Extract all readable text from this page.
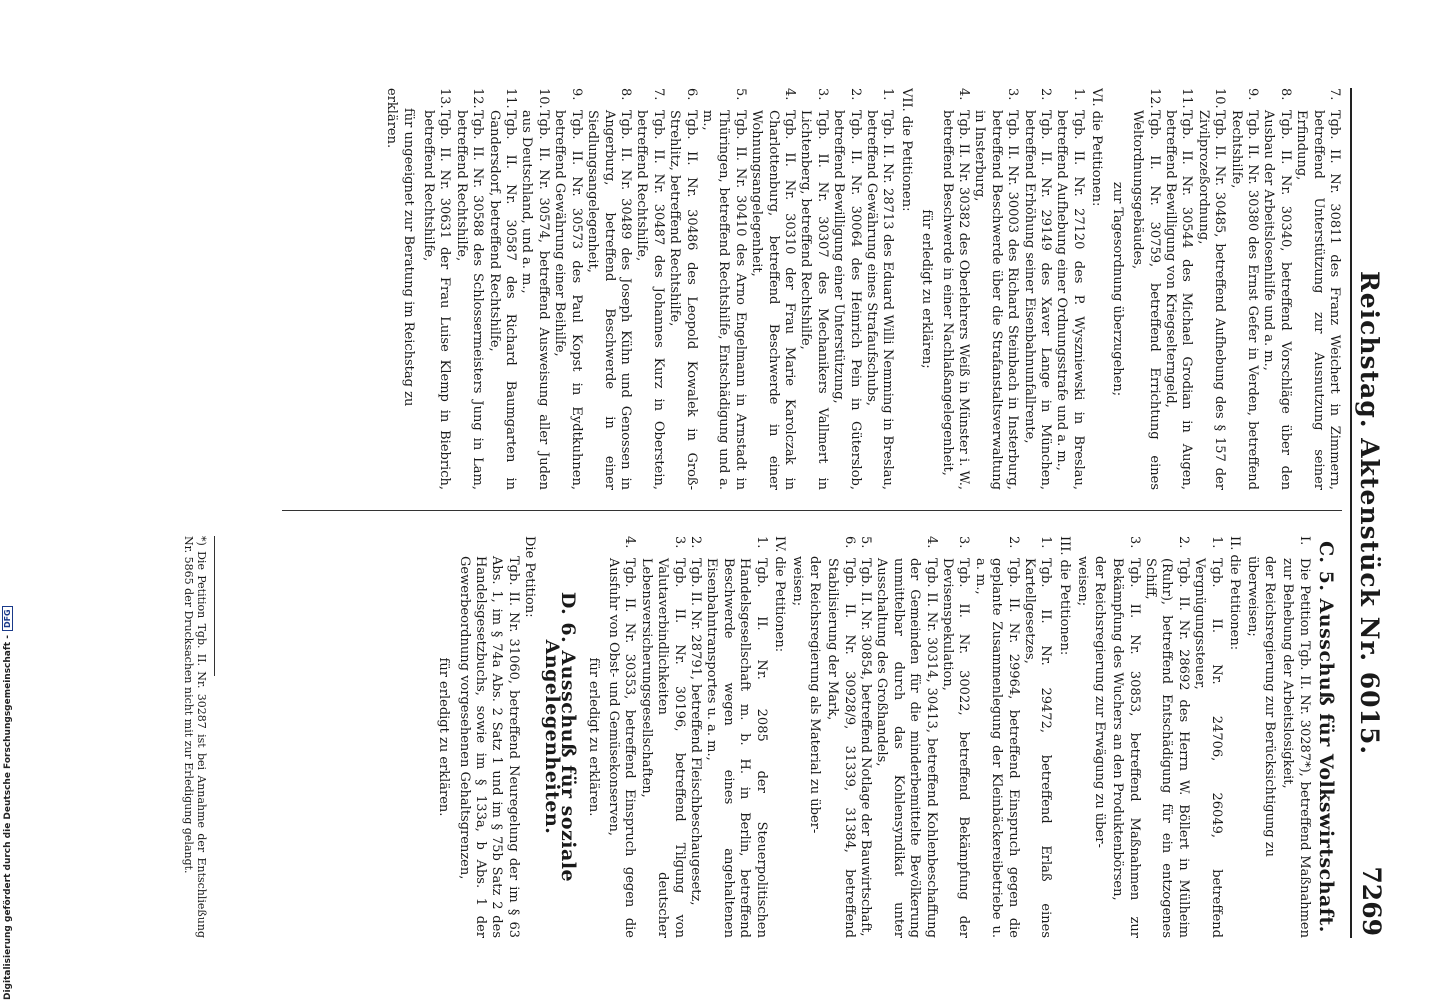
Reichstag. Aktenstück Nr. 6015.
7269

7.
Tgb. II. Nr. 30811 des Franz Weichert in Zimmern, betreffend Unterstützung zur Ausnutzung seiner Erfindung,

8.
Tgb. II. Nr. 30340, betreffend Vorschläge über den Ausbau der Arbeitslosenhilfe und a. m.,

9.
Tgb. II. Nr. 30380 des Ernst Gefer in Verden, betreffend Rechtshilfe,

10.
Tgb. II. Nr. 30485, betreffend Aufhebung des § 157 der Zivilprozeßordnung,

11.
Tgb. II. Nr. 30544 des Michael Grodian in Augen, betreffend Bewilligung von Kriegselterngeld,

12.
Tgb. II. Nr. 30759, betreffend Errichtung eines Weltordnungsgebäudes,

zur Tagesordnung überzugehen;

VI. die Petitionen:

1.
Tgb. II. Nr. 27120 des P. Wyszniewski in Breslau, betreffend Aufhebung einer Ordnungsstrafe und a. m.,

2.
Tgb. II. Nr. 29149 des Xaver Lange in München, betreffend Erhöhung seiner Eisenbahnunfallrente,

3.
Tgb. II. Nr. 30003 des Richard Steinbach in Insterburg, betreffend Beschwerde über die Strafanstaltsverwaltung in Insterburg,

4.
Tgb. II. Nr. 30382 des Oberlehrers Weiß in Münster i. W., betreffend Beschwerde in einer Nachlaßangelegenheit,

für erledigt zu erklären;

VII. die Petitionen:

1.
Tgb. II. Nr. 28713 des Eduard Willi Nemming in Breslau, betreffend Gewährung eines Strafaufschubs,

2.
Tgb. II. Nr. 30064 des Heinrich Pein in Güterslob, betreffend Bewilligung einer Unterstützung,

3.
Tgb. II. Nr. 30307 des Mechanikers Vallmert in Lichtenberg, betreffend Rechtshilfe,

4.
Tgb. II. Nr. 30310 der Frau Marie Karolczak in Charlottenburg, betreffend Beschwerde in einer Wohnungsangelegenheit,

5.
Tgb. II. Nr. 30410 des Arno Engelmann in Arnstadt in Thüringen, betreffend Rechtshilfe, Entschädigung und a. m.,

6.
Tgb. II. Nr. 30486 des Leopold Kowalek in Groß-Strehlitz, betreffend Rechtshilfe,

7.
Tgb. II. Nr. 30487 des Johannes Kurz in Oberstein, betreffend Rechtshilfe,

8.
Tgb. II. Nr. 30489 des Joseph Kühn und Genossen in Angerburg, betreffend Beschwerde in einer Siedlungsangelegenheit,

9.
Tgb. II. Nr. 30573 des Paul Kopst in Eydtkuhnen, betreffend Gewährung einer Beihilfe,

10.
Tgb. II. Nr. 30574, betreffend Ausweisung aller Juden aus Deutschland, und a. m.,

11.
Tgb. II. Nr. 30587 des Richard Baumgarten in Gandersdorf, betreffend Rechtshilfe,

12.
Tgb. II. Nr. 30588 des Schlossermeisters Jung in Lam, betreffend Rechtshilfe,

13.
Tgb. II. Nr. 30631 der Frau Luise Klemp in Biebrich, betreffend Rechtshilfe,

für ungeeignet zur Beratung im Reichstag zu

erklären.

C. 5. Ausschuß für Volkswirtschaft.

I.
Die Petition Tgb. II. Nr. 30287*), betreffend Maßnahmen zur Behebung der Arbeitslosigkeit,

der Reichsregierung zur Berücksichtigung zu

überweisen;

II. die Petitionen:

1.
Tgb. II. Nr. 24706, 26049, betreffend Vergnügungssteuer,

2.
Tgb. II. Nr. 28692 des Herrn W. Böllert in Mülheim (Ruhr), betreffend Entschädigung für ein entzogenes Schiff,

3.
Tgb. II. Nr. 30853, betreffend Maßnahmen zur Bekämpfung des Wuchers an den Produktenbörsen,

der Reichsregierung zur Erwägung zu über-

weisen;

III. die Petitionen:

1.
Tgb. II. Nr. 29472, betreffend Erlaß eines Kartellgesetzes,

2.
Tgb. II. Nr. 29964, betreffend Einspruch gegen die geplante Zusammenlegung der Kleinbäckereibetriebe u. a. m.,

3.
Tgb. II. Nr. 30022, betreffend Bekämpfung der Devisenspekulation,

4.
Tgb. II. Nr. 30314, 30413, betreffend Kohlenbeschaffung der Gemeinden für die minderbemittelte Bevölkerung unmittelbar durch das Kohlensyndikat unter Ausschaltung des Großhandels,

5.
Tgb. II. Nr. 30854, betreffend Notlage der Bauwirtschaft,

6.
Tgb. II. Nr. 30928/9, 31339, 31384, betreffend Stabilisierung der Mark,

der Reichsregierung als Material zu über-

weisen;

IV. die Petitionen:

1.
Tgb. II. Nr. 2085 der Steuerpolitischen Handelsgesellschaft m. b. H. in Berlin, betreffend Beschwerde wegen eines angehaltenen Eisenbahntransportes u. a. m.,

2.
Tgb. II. Nr. 28791, betreffend Fleischbeschaugesetz,

3.
Tgb. II. Nr. 30196, betreffend Tilgung von Valutaverbindlichkeiten deutscher Lebensversicherungsgesellschaften,

4.
Tgb. II. Nr. 30353, betreffend Einspruch gegen die Ausfuhr von Obst- und Gemüsekonserven,

für erledigt zu erklären.

D. 6. Ausschuß für soziale Angelegenheiten.

Die Petition:

Tgb. II. Nr. 31060, betreffend Neuregelung der im § 63 Abs. 1, im § 74a Abs. 2 Satz 1 und im § 75b Satz 2 des Handelsgesetzbuchs, sowie im § 133a, b Abs. 1 der Gewerbeordnung vorgesehenen Gehaltsgrenzen,

für erledigt zu erklären.

*) Die Petition Tgb. II. Nr. 30287 ist bei Annahme der Entschließung Nr. 5865 der Drucksachen nicht mit zur Erledigung gelangt.
Digitalisierung gefördert durch die Deutsche Forschungsgemeinschaft -DFG
